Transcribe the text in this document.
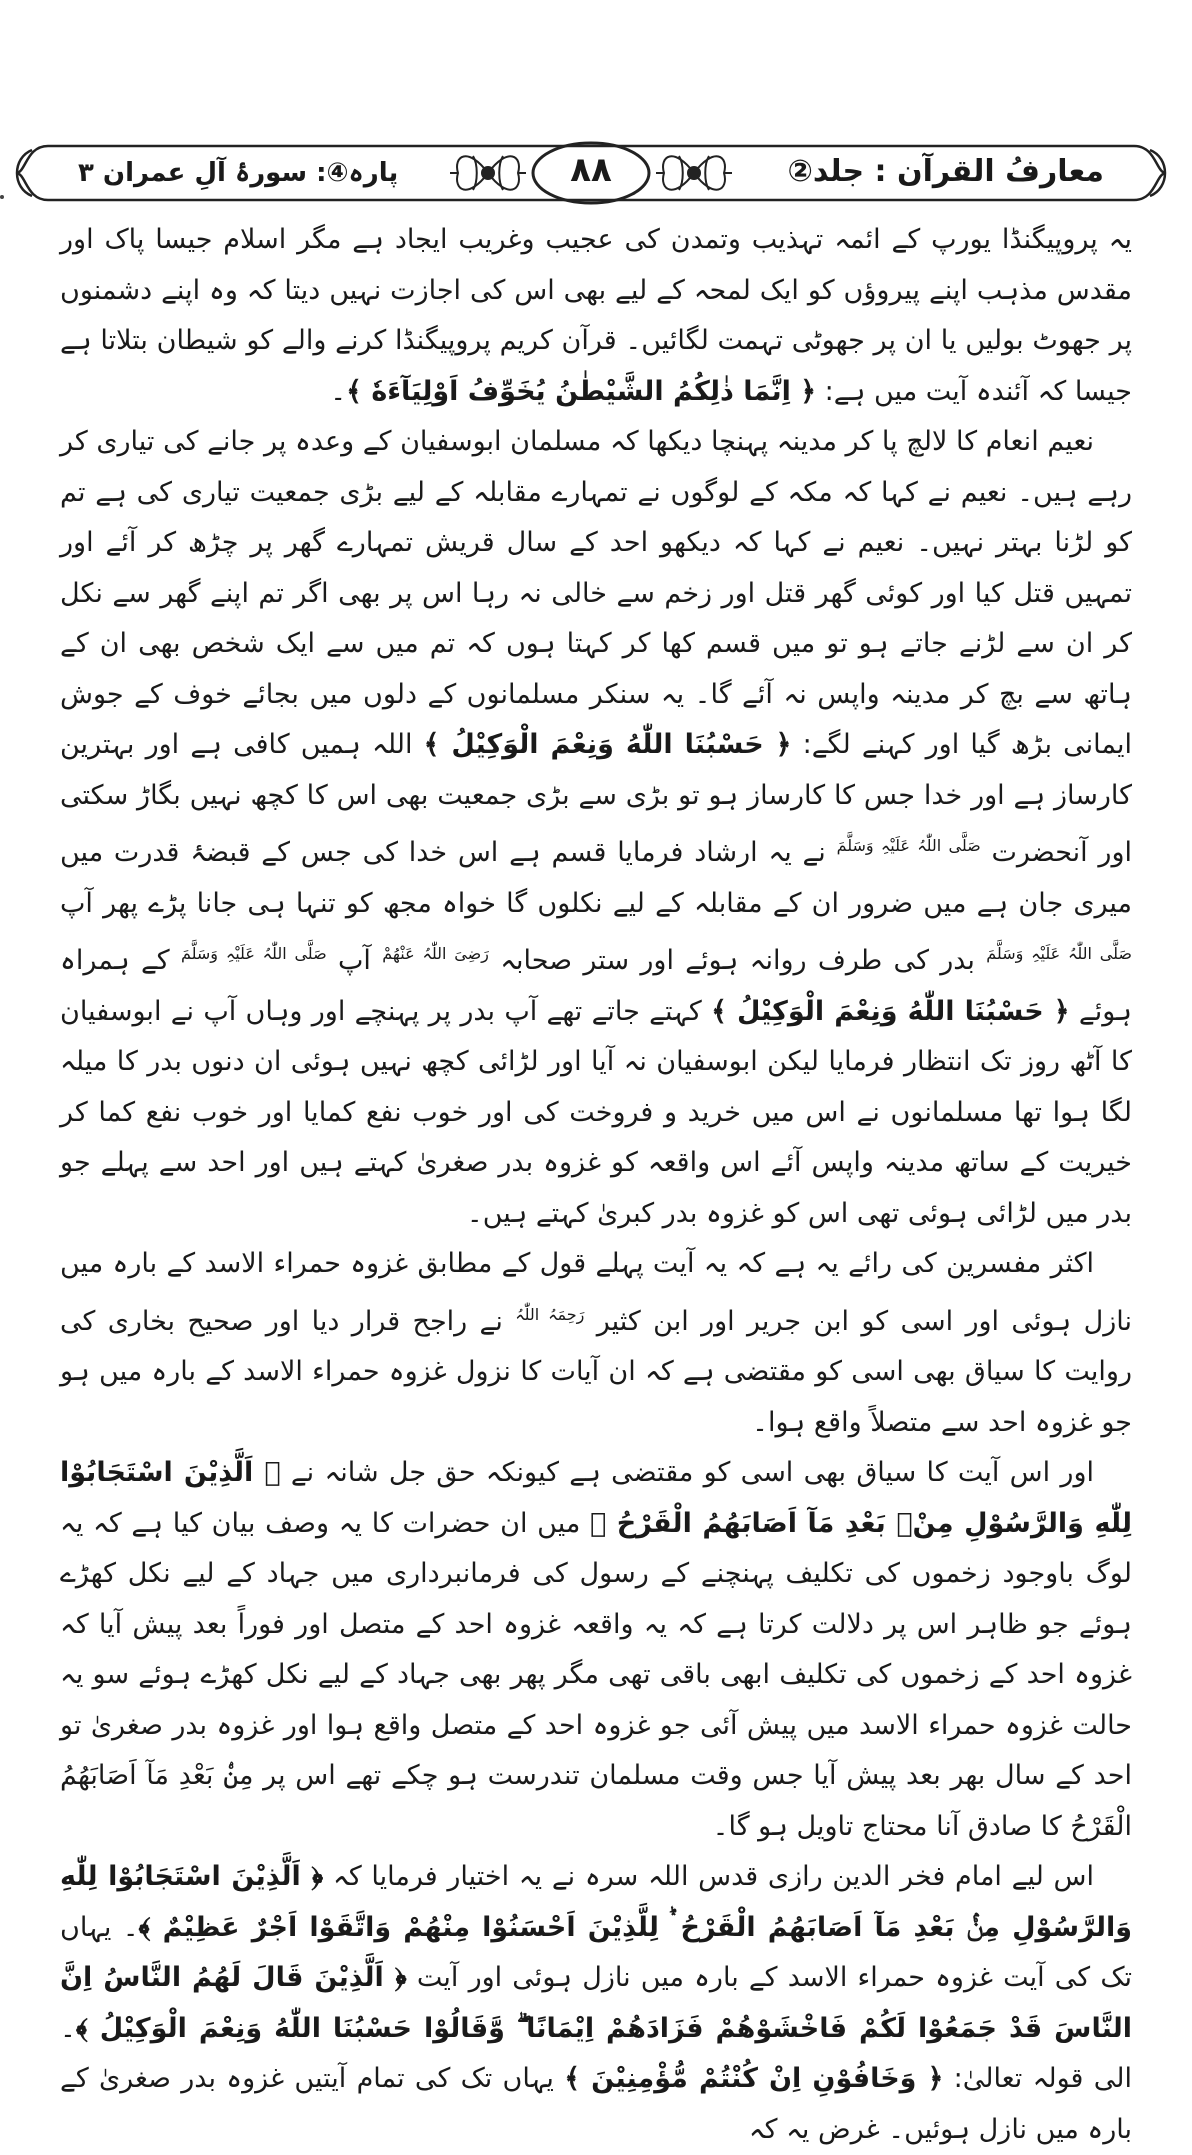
معارفُ القرآن : جلد②
۸۸
پارہ④: سورۂ آلِ عمران ۳

یہ پروپیگنڈا یورپ کے ائمہ تہذیب وتمدن کی عجیب وغریب ایجاد ہے مگر اسلام جیسا پاک اور مقدس مذہب اپنے پیروؤں کو ایک لمحہ کے لیے بھی اس کی اجازت نہیں دیتا کہ وہ اپنے دشمنوں پر جھوٹ بولیں یا ان پر جھوٹی تہمت لگائیں۔ قرآن کریم پروپیگنڈا کرنے والے کو شیطان بتلاتا ہے جیسا کہ آئندہ آیت میں ہے: ﴿ اِنَّمَا ذٰلِكُمُ الشَّیْطٰنُ یُخَوِّفُ اَوْلِیَآءَهٗ ﴾۔

نعیم انعام کا لالچ پا کر مدینہ پہنچا دیکھا کہ مسلمان ابوسفیان کے وعدہ پر جانے کی تیاری کر رہے ہیں۔ نعیم نے کہا کہ مکہ کے لوگوں نے تمہارے مقابلہ کے لیے بڑی جمعیت تیاری کی ہے تم کو لڑنا بہتر نہیں۔ نعیم نے کہا کہ دیکھو احد کے سال قریش تمہارے گھر پر چڑھ کر آئے اور تمہیں قتل کیا اور کوئی گھر قتل اور زخم سے خالی نہ رہا اس پر بھی اگر تم اپنے گھر سے نکل کر ان سے لڑنے جاتے ہو تو میں قسم کھا کر کہتا ہوں کہ تم میں سے ایک شخص بھی ان کے ہاتھ سے بچ کر مدینہ واپس نہ آئے گا۔ یہ سنکر مسلمانوں کے دلوں میں بجائے خوف کے جوش ایمانی بڑھ گیا اور کہنے لگے: ﴿ حَسْبُنَا اللّٰهُ وَنِعْمَ الْوَكِیْلُ ﴾ اللہ ہمیں کافی ہے اور بہترین کارساز ہے اور خدا جس کا کارساز ہو تو بڑی سے بڑی جمعیت بھی اس کا کچھ نہیں بگاڑ سکتی اور آنحضرت $^{صَلَّی اللّٰہُ عَلَیْہِ وَسَلَّمَ}$ نے یہ ارشاد فرمایا قسم ہے اس خدا کی جس کے قبضۂ قدرت میں میری جان ہے میں ضرور ان کے مقابلہ کے لیے نکلوں گا خواہ مجھ کو تنہا ہی جانا پڑے پھر آپ $^{صَلَّی اللّٰہُ عَلَیْہِ وَسَلَّمَ}$ بدر کی طرف روانہ ہوئے اور ستر صحابہ $^{رَضِیَ اللّٰہُ عَنْهُمْ}$ آپ $^{صَلَّی اللّٰہُ عَلَیْہِ وَسَلَّمَ}$ کے ہمراہ ہوئے ﴿ حَسْبُنَا اللّٰهُ وَنِعْمَ الْوَكِیْلُ ﴾ کہتے جاتے تھے آپ بدر پر پہنچے اور وہاں آپ نے ابوسفیان کا آٹھ روز تک انتظار فرمایا لیکن ابوسفیان نہ آیا اور لڑائی کچھ نہیں ہوئی ان دنوں بدر کا میلہ لگا ہوا تھا مسلمانوں نے اس میں خرید و فروخت کی اور خوب نفع کمایا اور خوب نفع کما کر خیریت کے ساتھ مدینہ واپس آئے اس واقعہ کو غزوہ بدر صغریٰ کہتے ہیں اور احد سے پہلے جو بدر میں لڑائی ہوئی تھی اس کو غزوہ بدر کبریٰ کہتے ہیں۔

اکثر مفسرین کی رائے یہ ہے کہ یہ آیت پہلے قول کے مطابق غزوہ حمراء الاسد کے بارہ میں نازل ہوئی اور اسی کو ابن جریر اور ابن کثیر $^{رَحِمَہُ اللّٰہُ}$ نے راجح قرار دیا اور صحیح بخاری کی روایت کا سیاق بھی اسی کو مقتضی ہے کہ ان آیات کا نزول غزوہ حمراء الاسد کے بارہ میں ہو جو غزوہ احد سے متصلاً واقع ہوا۔

اور اس آیت کا سیاق بھی اسی کو مقتضی ہے کیونکہ حق جل شانہ نے ﴿ اَلَّذِیْنَ اسْتَجَابُوْا لِلّٰهِ وَالرَّسُوْلِ مِنْۢ بَعْدِ مَآ اَصَابَهُمُ الْقَرْحُ ﴾ میں ان حضرات کا یہ وصف بیان کیا ہے کہ یہ لوگ باوجود زخموں کی تکلیف پہنچنے کے رسول کی فرمانبرداری میں جہاد کے لیے نکل کھڑے ہوئے جو ظاہر اس پر دلالت کرتا ہے کہ یہ واقعہ غزوہ احد کے متصل اور فوراً بعد پیش آیا کہ غزوہ احد کے زخموں کی تکلیف ابھی باقی تھی مگر پھر بھی جہاد کے لیے نکل کھڑے ہوئے سو یہ حالت غزوہ حمراء الاسد میں پیش آئی جو غزوہ احد کے متصل واقع ہوا اور غزوہ بدر صغریٰ تو احد کے سال بھر بعد پیش آیا جس وقت مسلمان تندرست ہو چکے تھے اس پر مِنْۢ بَعْدِ مَآ اَصَابَهُمُ الْقَرْحُ کا صادق آنا محتاج تاویل ہو گا۔

اس لیے امام فخر الدین رازی قدس اللہ سرہ نے یہ اختیار فرمایا کہ ﴿ اَلَّذِیْنَ اسْتَجَابُوْا لِلّٰهِ وَالرَّسُوْلِ مِنْۢ بَعْدِ مَآ اَصَابَهُمُ الْقَرْحُ ۛؕ لِلَّذِیْنَ اَحْسَنُوْا مِنْهُمْ وَاتَّقَوْا اَجْرٌ عَظِیْمٌ ﴾۔ یہاں تک کی آیت غزوہ حمراء الاسد کے بارہ میں نازل ہوئی اور آیت ﴿ اَلَّذِیْنَ قَالَ لَهُمُ النَّاسُ اِنَّ النَّاسَ قَدْ جَمَعُوْا لَكُمْ فَاخْشَوْهُمْ فَزَادَهُمْ اِیْمَانًا ۖۗ وَّقَالُوْا حَسْبُنَا اللّٰهُ وَنِعْمَ الْوَكِیْلُ ﴾۔ الی قولہ تعالیٰ: ﴿ وَخَافُوْنِ اِنْ كُنْتُمْ مُّؤْمِنِیْنَ ﴾ یہاں تک کی تمام آیتیں غزوہ بدر صغریٰ کے بارہ میں نازل ہوئیں۔ غرض یہ کہ
